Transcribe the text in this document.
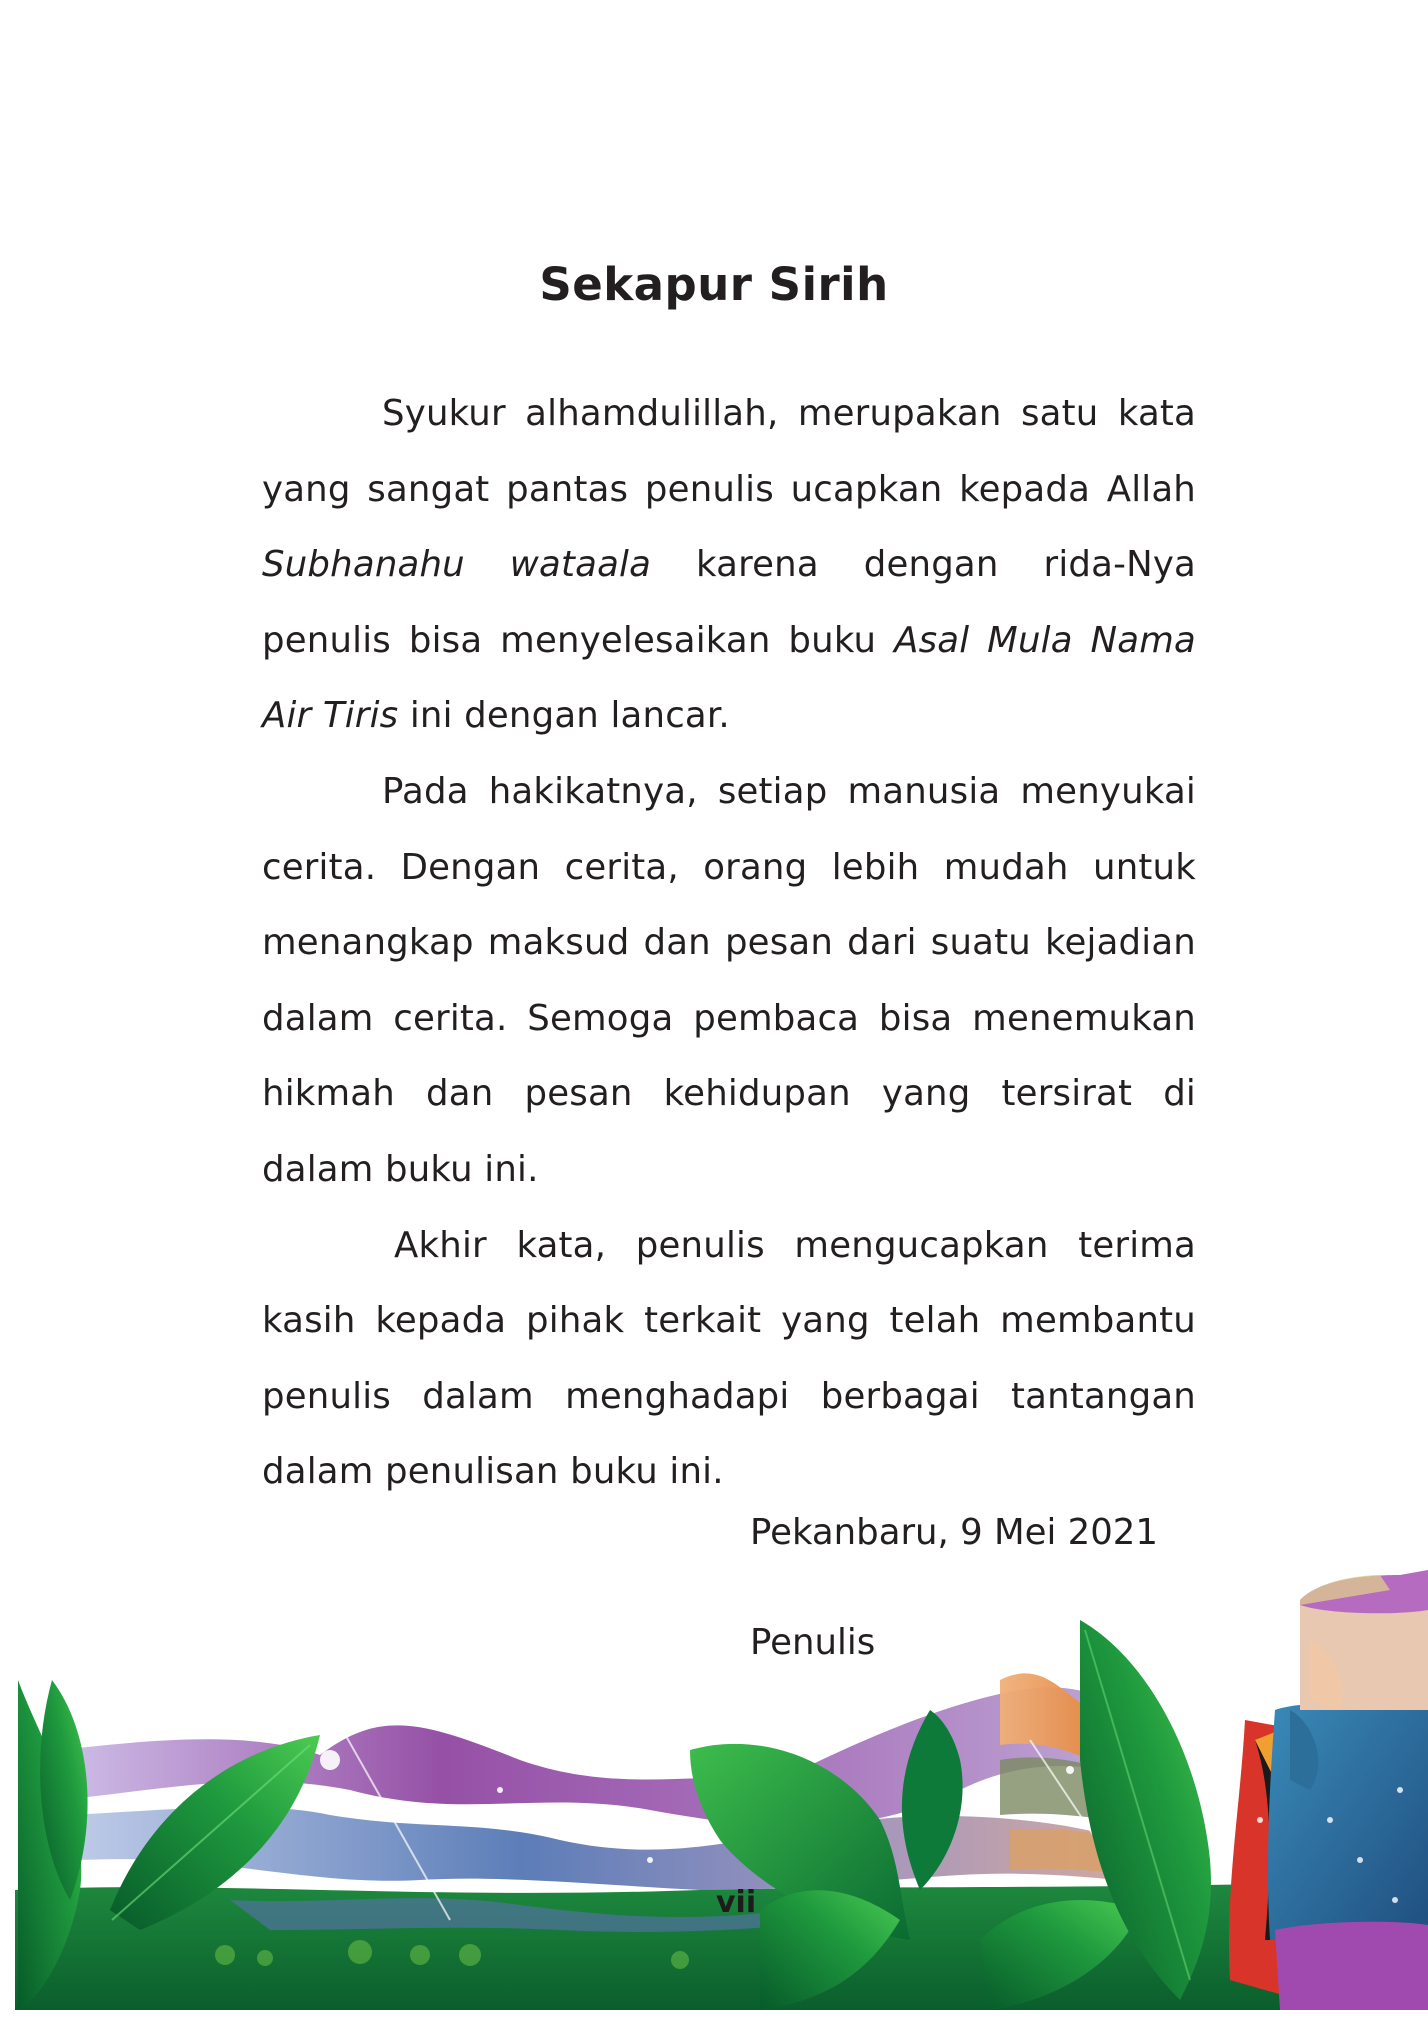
Sekapur Sirih

Syukur alhamdulillah, merupakan satu kata yang sangat pantas penulis ucapkan kepada Allah Subhanahu wataala karena dengan rida-Nya penulis bisa menyelesaikan buku Asal Mula Nama Air Tiris ini dengan lancar.

Pada hakikatnya, setiap manusia menyukai cerita. Dengan cerita, orang lebih mudah untuk menangkap maksud dan pesan dari suatu kejadian dalam cerita. Semoga pembaca bisa menemukan hikmah dan pesan kehidupan yang tersirat di dalam buku ini.

Akhir kata, penulis mengucapkan terima kasih kepada pihak terkait yang telah membantu penulis dalam menghadapi berbagai tantangan dalam penulisan buku ini.

Pekanbaru, 9 Mei 2021
Penulis
vii
